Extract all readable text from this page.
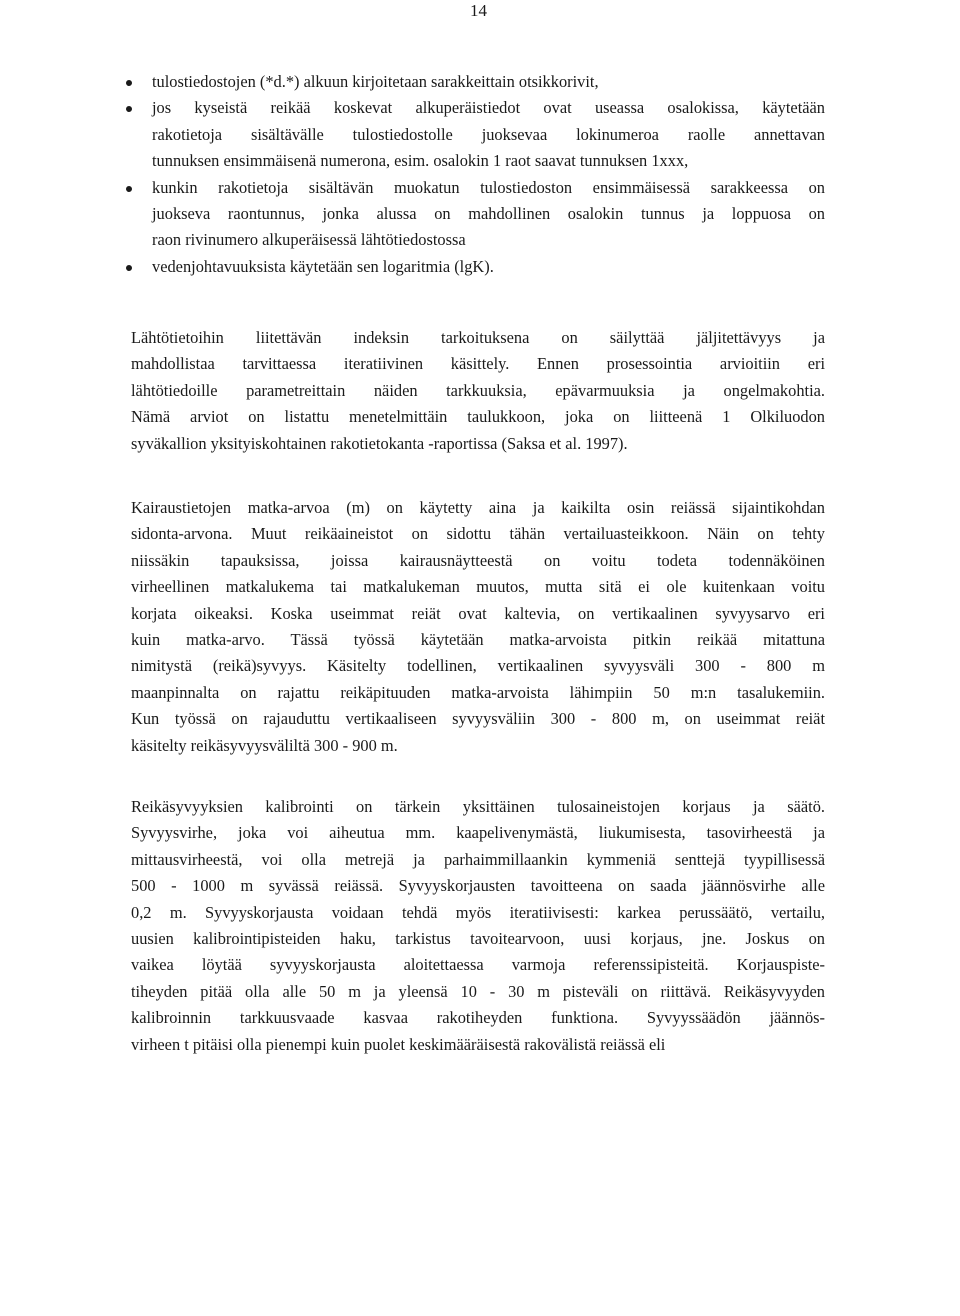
14
tulostiedostojen (*d.*) alkuun kirjoitetaan sarakkeittain otsikkorivit,
jos kyseistä reikää koskevat alkuperäistiedot ovat useassa osalokissa, käytetään
rakotietoja sisältävälle tulostiedostolle juoksevaa lokinumeroa raolle annettavan
tunnuksen ensimmäisenä numerona, esim. osalokin 1 raot saavat tunnuksen 1xxx,
kunkin rakotietoja sisältävän muokatun tulostiedoston ensimmäisessä sarakkeessa on
juokseva raontunnus, jonka alussa on mahdollinen osalokin tunnus ja loppuosa on
raon rivinumero alkuperäisessä lähtötiedostossa
vedenjohtavuuksista käytetään sen logaritmia (lgK).

Lähtötietoihin liitettävän indeksin tarkoituksena on säilyttää jäljitettävyys ja
mahdollistaa tarvittaessa iteratiivinen käsittely. Ennen prosessointia arvioitiin eri
lähtötiedoille parametreittain näiden tarkkuuksia, epävarmuuksia ja ongelmakohtia.
Nämä arviot on listattu menetelmittäin taulukkoon, joka on liitteenä 1 Olkiluodon
syväkallion yksityiskohtainen rakotietokanta -raportissa (Saksa et al. 1997).

Kairaustietojen matka-arvoa (m) on käytetty aina ja kaikilta osin reiässä sijaintikohdan
sidonta-arvona. Muut reikäaineistot on sidottu tähän vertailuasteikkoon. Näin on tehty
niissäkin tapauksissa, joissa kairausnäytteestä on voitu todeta todennäköinen
virheellinen matkalukema tai matkalukeman muutos, mutta sitä ei ole kuitenkaan voitu
korjata oikeaksi. Koska useimmat reiät ovat kaltevia, on vertikaalinen syvyysarvo eri
kuin matka-arvo. Tässä työssä käytetään matka-arvoista pitkin reikää mitattuna
nimitystä (reikä)syvyys. Käsitelty todellinen, vertikaalinen syvyysväli 300 - 800 m
maanpinnalta on rajattu reikäpituuden matka-arvoista lähimpiin 50 m:n tasalukemiin.
Kun työssä on rajauduttu vertikaaliseen syvyysväliin 300 - 800 m, on useimmat reiät
käsitelty reikäsyvyysväliltä 300 - 900 m.

Reikäsyvyyksien kalibrointi on tärkein yksittäinen tulosaineistojen korjaus ja säätö.
Syvyysvirhe, joka voi aiheutua mm. kaapelivenymästä, liukumisesta, tasovirheestä ja
mittausvirheestä, voi olla metrejä ja parhaimmillaankin kymmeniä senttejä tyypillisessä
500 - 1000 m syvässä reiässä. Syvyyskorjausten tavoitteena on saada jäännösvirhe alle
0,2 m. Syvyyskorjausta voidaan tehdä myös iteratiivisesti: karkea perussäätö, vertailu,
uusien kalibrointipisteiden haku, tarkistus tavoitearvoon, uusi korjaus, jne. Joskus on
vaikea löytää syvyyskorjausta aloitettaessa varmoja referenssipisteitä. Korjauspiste-
tiheyden pitää olla alle 50 m ja yleensä 10 - 30 m pisteväli on riittävä. Reikäsyvyyden
kalibroinnin tarkkuusvaade kasvaa rakotiheyden funktiona. Syvyyssäädön jäännös-
virheen t pitäisi olla pienempi kuin puolet keskimääräisestä rakovälistä reiässä eli
